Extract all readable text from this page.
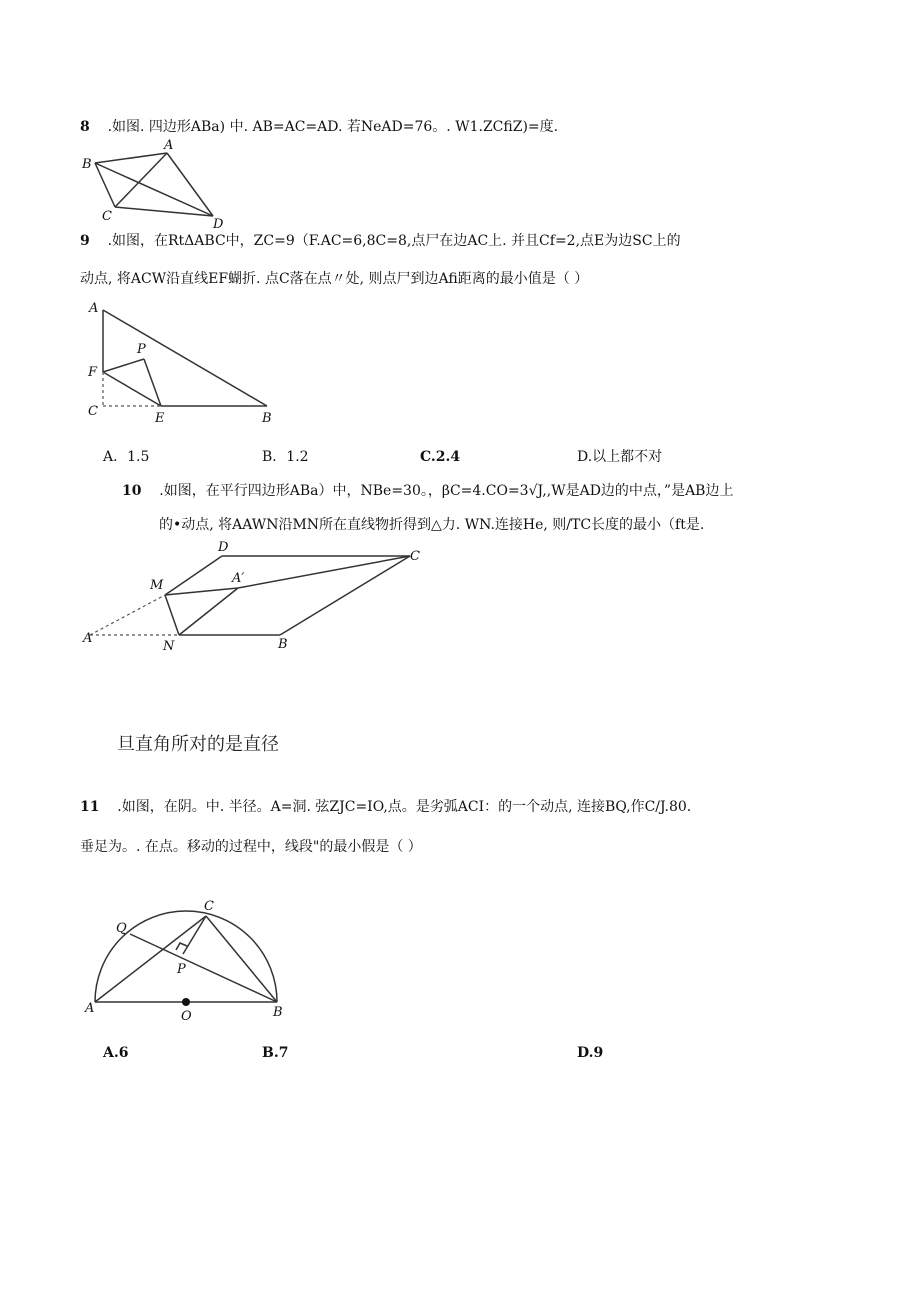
8 .如图. 四边形ABa) 中. AB=AC=AD. 若NeAD=76。. W1.ZCfiZ)=度.
A
B
C
D
9 .如图，在RtΔABC中，ZC=9（F.AC=6,8C=8,点尸在边AC上. 并且Cf=2,点E为边SC上的
动点, 将ACW沿直线EF蝴折. 点C落在点〃处, 则点尸到边Afi距离的最小值是（ ）
A
P
F
C	E	B
A．1.5	B．1.2	C.2.4	D.以上都不对
10 .如图，在平行四边形ABa）中，NBe=30。，βC=4.CO=3√J,,W是AD边的中点，”是AB边上
的•动点, 将AAWN沿MN所在直线物折得到△力. WN.连接He, 则/TC长度的最小（ft是.
D
C
M	A′
A
N	B
旦直角所对的是直径
11 .如图，在阴。中. 半径。A=洞. 弦ZJC=IO,点。是劣弧ACI：的一个动点, 连接BQ,作C/J.80.
垂足为。. 在点。移动的过程中，线段"的最小假是（ ）
Q
C
P
A
O	B
A.6	B.7	D.9
